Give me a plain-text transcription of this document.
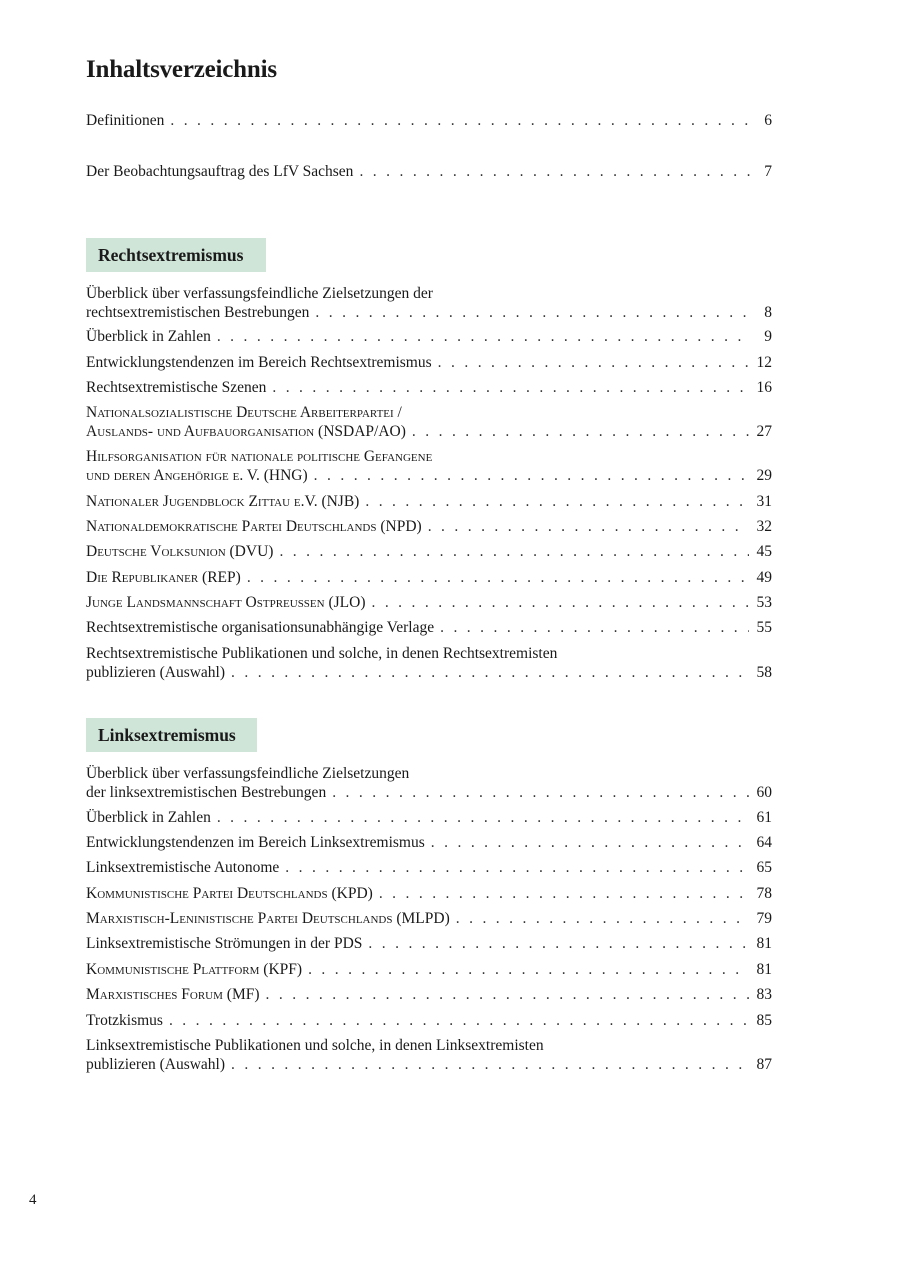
Inhaltsverzeichnis
Definitionen . . .	6
Der Beobachtungsauftrag des LfV Sachsen . . .	7
Rechtsextremismus
Überblick über verfassungsfeindliche Zielsetzungen der
rechtsextremistischen Bestrebungen . . .	8
Überblick in Zahlen . . .	9
Entwicklungstendenzen im Bereich Rechtsextremismus . . .	12
Rechtsextremistische Szenen . . .	16
Nationalsozialistische Deutsche Arbeiterpartei /
Auslands- und Aufbauorganisation (NSDAP/AO) . . .	27
Hilfsorganisation für nationale politische Gefangene
und deren Angehörige e. V. (HNG) . . .	29
Nationaler Jugendblock Zittau e.V. (NJB) . . .	31
Nationaldemokratische Partei Deutschlands (NPD) . . .	32
Deutsche Volksunion (DVU) . . .	45
Die Republikaner (REP) . . .	49
Junge Landsmannschaft Ostpreussen (JLO) . . .	53
Rechtsextremistische organisationsunabhängige Verlage . . .	55
Rechtsextremistische Publikationen und solche, in denen Rechtsextremisten
publizieren (Auswahl) . . .	58
Linksextremismus
Überblick über verfassungsfeindliche Zielsetzungen
der linksextremistischen Bestrebungen . . .	60
Überblick in Zahlen . . .	61
Entwicklungstendenzen im Bereich Linksextremismus . . .	64
Linksextremistische Autonome . . .	65
Kommunistische Partei Deutschlands (KPD) . . .	78
Marxistisch-Leninistische Partei Deutschlands (MLPD) . . .	79
Linksextremistische Strömungen in der PDS . . .	81
Kommunistische Plattform (KPF) . . .	81
Marxistisches Forum (MF) . . .	83
Trotzkismus . . .	85
Linksextremistische Publikationen und solche, in denen Linksextremisten
publizieren (Auswahl) . . .	87
4
